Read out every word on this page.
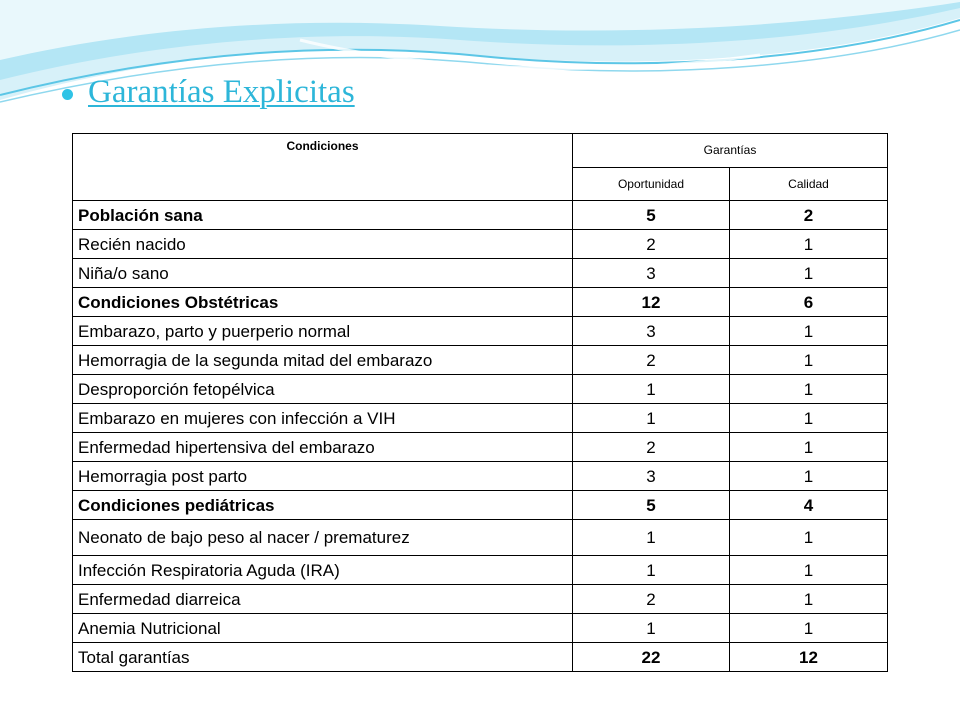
Garantías Explicitas
Condiciones	Garantías	
	Oportunidad	Calidad
Población sana	5	2
Recién nacido	2	1
Niña/o sano	3	1
Condiciones Obstétricas	12	6
Embarazo, parto y puerperio normal	3	1
Hemorragia de la segunda mitad del embarazo	2	1
Desproporción fetopélvica	1	1
Embarazo en mujeres con infección a VIH	1	1
Enfermedad hipertensiva del embarazo	2	1
Hemorragia post parto	3	1
Condiciones pediátricas	5	4
Neonato de bajo peso al nacer / prematurez	1	1
Infección Respiratoria Aguda (IRA)	1	1
Enfermedad diarreica	2	1
Anemia Nutricional	1	1
Total garantías	22	12
